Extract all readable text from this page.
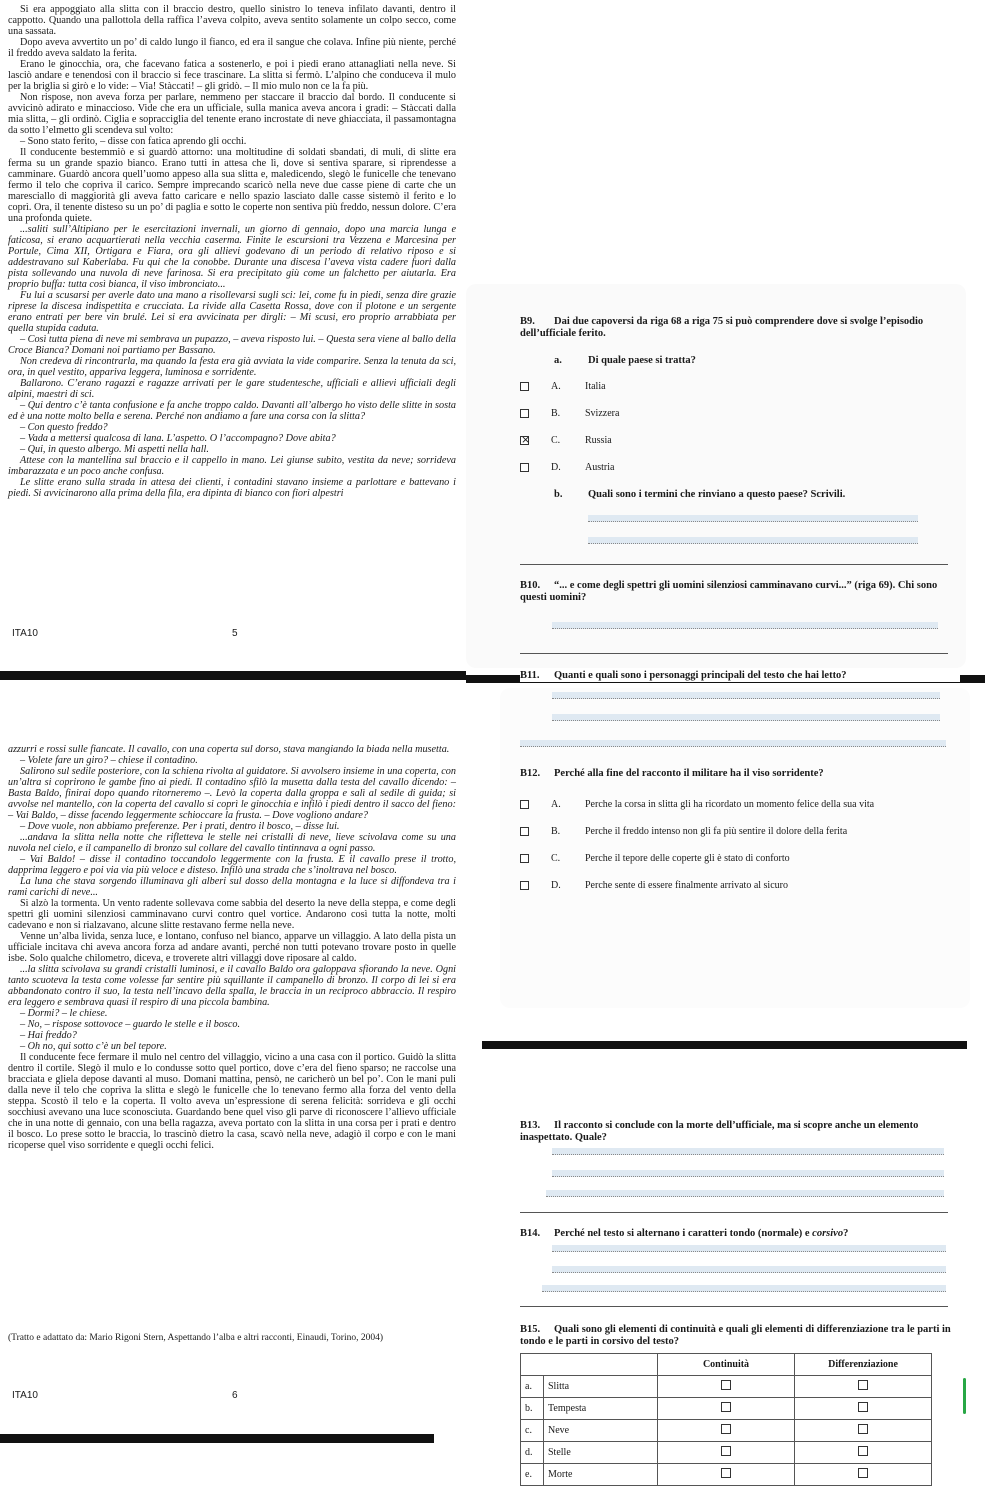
Si era appoggiato alla slitta con il braccio destro, quello sinistro lo teneva infilato davanti, dentro il cappotto. Quando una pallottola della raffica l’aveva colpito, aveva sentito solamente un colpo secco, come una sassata.

Dopo aveva avvertito un po’ di caldo lungo il fianco, ed era il sangue che colava. Infine più niente, perché il freddo aveva saldato la ferita.

Erano le ginocchia, ora, che facevano fatica a sostenerlo, e poi i piedi erano attanagliati nella neve. Si lasciò andare e tenendosi con il braccio si fece trascinare. La slitta si fermò. L’alpino che conduceva il mulo per la briglia si girò e lo vide: – Via! Stàccati! – gli gridò. – Il mio mulo non ce la fa più.

Non rispose, non aveva forza per parlare, nemmeno per staccare il braccio dal bordo. Il conducente si avvicinò adirato e minaccioso. Vide che era un ufficiale, sulla manica aveva ancora i gradi: – Stàccati dalla mia slitta, – gli ordinò. Ciglia e sopracciglia del tenente erano incrostate di neve ghiacciata, il passamontagna da sotto l’elmetto gli scendeva sul volto:

– Sono stato ferito, – disse con fatica aprendo gli occhi.

Il conducente bestemmiò e si guardò attorno: una moltitudine di soldati sbandati, di muli, di slitte era ferma su un grande spazio bianco. Erano tutti in attesa che lì, dove si sentiva sparare, si riprendesse a camminare. Guardò ancora quell’uomo appeso alla sua slitta e, maledicendo, slegò le funicelle che tenevano fermo il telo che copriva il carico. Sempre imprecando scaricò nella neve due casse piene di carte che un maresciallo di maggiorità gli aveva fatto caricare e nello spazio lasciato dalle casse sistemò il ferito e lo coprì. Ora, il tenente disteso su un po’ di paglia e sotto le coperte non sentiva più freddo, nessun dolore. C’era una profonda quiete.

...saliti sull’Altipiano per le esercitazioni invernali, un giorno di gennaio, dopo una marcia lunga e faticosa, si erano acquartierati nella vecchia caserma. Finite le escursioni tra Vezzena e Marcesina per Portule, Cima XII, Ortigara e Fiara, ora gli allievi godevano di un periodo di relativo riposo e si addestravano sul Kaberlaba. Fu qui che la conobbe. Durante una discesa l’aveva vista cadere fuori dalla pista sollevando una nuvola di neve farinosa. Si era precipitato giù come un falchetto per aiutarla. Era proprio buffa: tutta così bianca, il viso imbronciato...

Fu lui a scusarsi per averle dato una mano a risollevarsi sugli sci: lei, come fu in piedi, senza dire grazie riprese la discesa indispettita e crucciata. La rivide alla Casetta Rossa, dove con il plotone e un sergente erano entrati per bere vin brulé. Lei si era avvicinata per dirgli: – Mi scusi, ero proprio arrabbiata per quella stupida caduta.

– Così tutta piena di neve mi sembrava un pupazzo, – aveva risposto lui. – Questa sera viene al ballo della Croce Bianca? Domani noi partiamo per Bassano.

Non credeva di rincontrarla, ma quando la festa era già avviata la vide comparire. Senza la tenuta da sci, ora, in quel vestito, appariva leggera, luminosa e sorridente.

Ballarono. C’erano ragazzi e ragazze arrivati per le gare studentesche, ufficiali e allievi ufficiali degli alpini, maestri di sci.

– Qui dentro c’è tanta confusione e fa anche troppo caldo. Davanti all’albergo ho visto delle slitte in sosta ed è una notte molto bella e serena. Perché non andiamo a fare una corsa con la slitta?

– Con questo freddo?

– Vada a mettersi qualcosa di lana. L’aspetto. O l’accompagno? Dove abita?

– Qui, in questo albergo. Mi aspetti nella hall.

Attese con la mantellina sul braccio e il cappello in mano. Lei giunse subito, vestita da neve; sorrideva imbarazzata e un poco anche confusa.

Le slitte erano sulla strada in attesa dei clienti, i contadini stavano insieme a parlottare e battevano i piedi. Si avvicinarono alla prima della fila, era dipinta di bianco con fiori alpestri

ITA10	5

azzurri e rossi sulle fiancate. Il cavallo, con una coperta sul dorso, stava mangiando la biada nella musetta.

– Volete fare un giro? – chiese il contadino.

Salirono sul sedile posteriore, con la schiena rivolta al guidatore. Si avvolsero insieme in una coperta, con un’altra si coprirono le gambe fino ai piedi. Il contadino sfilò la musetta dalla testa del cavallo dicendo: – Basta Baldo, finirai dopo quando ritorneremo –. Levò la coperta dalla groppa e salì al sedile di guida; si avvolse nel mantello, con la coperta del cavallo si coprì le ginocchia e infilò i piedi dentro il sacco del fieno: – Vai Baldo, – disse facendo leggermente schioccare la frusta. – Dove vogliono andare?

– Dove vuole, non abbiamo preferenze. Per i prati, dentro il bosco, – disse lui.

...andava la slitta nella notte che rifletteva le stelle nei cristalli di neve, lieve scivolava come su una nuvola nel cielo, e il campanello di bronzo sul collare del cavallo tintinnava a ogni passo.

– Vai Baldo! – disse il contadino toccandolo leggermente con la frusta. E il cavallo prese il trotto, dapprima leggero e poi via via più veloce e disteso. Infilò una strada che s’inoltrava nel bosco.

La luna che stava sorgendo illuminava gli alberi sul dosso della montagna e la luce si diffondeva tra i rami carichi di neve...

Si alzò la tormenta. Un vento radente sollevava come sabbia del deserto la neve della steppa, e come degli spettri gli uomini silenziosi camminavano curvi contro quel vortice. Andarono così tutta la notte, molti cadevano e non si rialzavano, alcune slitte restavano ferme nella neve.

Venne un’alba livida, senza luce, e lontano, confuso nel bianco, apparve un villaggio. A lato della pista un ufficiale incitava chi aveva ancora forza ad andare avanti, perché non tutti potevano trovare posto in quelle isbe. Solo qualche chilometro, diceva, e troverete altri villaggi dove riposare al caldo.

...la slitta scivolava su grandi cristalli luminosi, e il cavallo Baldo ora galoppava sfiorando la neve. Ogni tanto scuoteva la testa come volesse far sentire più squillante il campanello di bronzo. Il corpo di lei si era abbandonato contro il suo, la testa nell’incavo della spalla, le braccia in un reciproco abbraccio. Il respiro era leggero e sembrava quasi il respiro di una piccola bambina.

– Dormi? – le chiese.

– No, – rispose sottovoce – guardo le stelle e il bosco.

– Hai freddo?

– Oh no, qui sotto c’è un bel tepore.

Il conducente fece fermare il mulo nel centro del villaggio, vicino a una casa con il portico. Guidò la slitta dentro il cortile. Slegò il mulo e lo condusse sotto quel portico, dove c’era del fieno sparso; ne raccolse una bracciata e gliela depose davanti al muso. Domani mattina, pensò, ne caricherò un bel po’. Con le mani puli dalla neve il telo che copriva la slitta e slegò le funicelle che lo tenevano fermo alla forza del vento della steppa. Scostò il telo e la coperta. Il volto aveva un’espressione di serena felicità: sorrideva e gli occhi socchiusi avevano una luce sconosciuta. Guardando bene quel viso gli parve di riconoscere l’allievo ufficiale che in una notte di gennaio, con una bella ragazza, aveva portato con la slitta in una corsa per i prati e dentro il bosco. Lo prese sotto le braccia, lo trascinò dietro la casa, scavò nella neve, adagiò il corpo e con le mani ricoperse quel viso sorridente e quegli occhi felici.

(Tratto e adattato da: Mario Rigoni Stern, Aspettando l’alba e altri racconti, Einaudi, Torino, 2004)
ITA10	6
B9. Dai due capoversi da riga 68 a riga 75 si può comprendere dove si svolge l’episodio dell’ufficiale ferito.
a. Di quale paese si tratta?
A.	Italia
B.	Svizzera
×
C.	Russia
D.	Austria
b. Quali sono i termini che rinviano a questo paese? Scrivili.
B10. “... e come degli spettri gli uomini silenziosi camminavano curvi...” (riga 69). Chi sono questi uomini?
B11. Quanti e quali sono i personaggi principali del testo che hai letto?
B12. Perché alla fine del racconto il militare ha il viso sorridente?
A.	Perche la corsa in slitta gli ha ricordato un momento felice della sua vita
B.	Perche il freddo intenso non gli fa più sentire il dolore della ferita
C.	Perche il tepore delle coperte gli è stato di conforto
D.	Perche sente di essere finalmente arrivato al sicuro
B13. Il racconto si conclude con la morte dell’ufficiale, ma si scopre anche un elemento inaspettato. Quale?
B14. Perché nel testo si alternano i caratteri tondo (normale) e corsivo?
B15. Quali sono gli elementi di continuità e quali gli elementi di differenziazione tra le parti in tondo e le parti in corsivo del testo?
		Continuità	Differenziazione
a.	Slitta		
b.	Tempesta		
c.	Neve		
d.	Stelle		
e.	Morte		
